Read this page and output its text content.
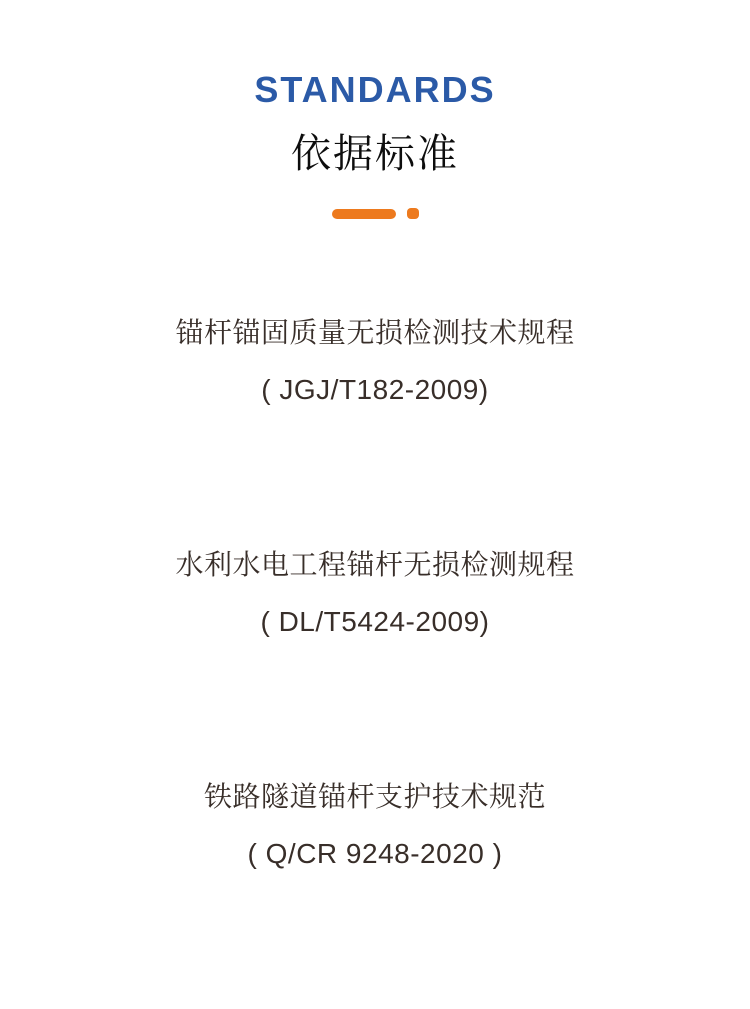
STANDARDS
依据标准
锚杆锚固质量无损检测技术规程
( JGJ/T182-2009)
水利水电工程锚杆无损检测规程
( DL/T5424-2009)
铁路隧道锚杆支护技术规范
( Q/CR 9248-2020 )
